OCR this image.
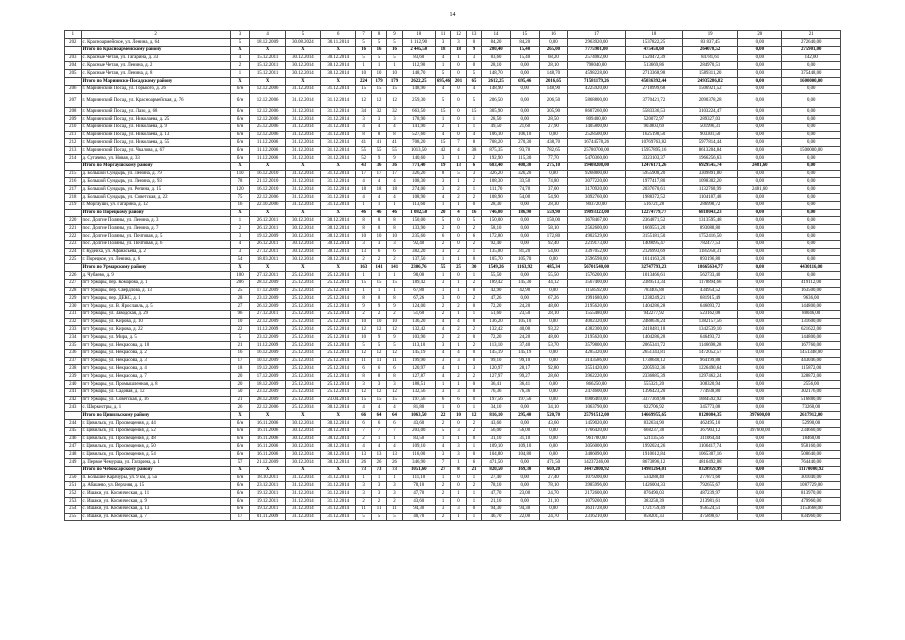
14
1	2	3	4	5	6	7	8	9	10	11	12	13	14	15	16	17	18	19	20	21
202	с. Красноармейское, ул. Ленина, д. 64	5	18.12.2009	30.08.2024	30.11.2014	5	5	5	1 112,90	3	3	0	84,20	84,20	0,00	2963920,00	1537822,25	83 837,45	0,00	272640,00
	Итого по Красноармейскому району	X	X	X	X	16	16	16	2 445,50	18	18	9	280,40	15,40	265,00	7775901,00	475458,60	264078,52	0,00	275901,00
203	с. Красные Четаи, ул. Гагарина, д. 33	4	15.12.2011	30.12.2014	30.12.2014	5	5	5	83,60	4	1	3	83,60	15,40	68,20	2574082,00	1520472,39	84781,61	0,00	142,00
204	с. Красные Четаи, ул. Ленина, д. 2	2	15.12.2011	30.12.2014	30.12.2014	1	1	1	112,90	1	0	0	28,10	0,00	28,10	798040,00	513669,86	284970,51	0,00	0,00
205	с. Красные Четаи, ул. Ленина, д. 8	1	15.12.2011	30.12.2014	30.12.2014	10	10	10	148,70	5	0	5	148,70	0,00	148,70	4598228,00	2713368,98	1589311,20	0,00	375448,00
	Итого по Мариинско-Посадскому району	X	X	X	X	224	179	179	2622,25	695,46	201	65	2612,25	695,46	2016,65	71581179,26	45036392,44	24935286,82	0,00	1600000,00
206	г. Мариинский Посад, ул. Горького, д. 26	б/н	12.12.2006	31.12.2014	31.12.2014	15	15	15	148,90	4	0	4	148,90	0,00	148,90	4225920,00	2718999,68	1506921,52	0,00	0,00
207	г. Мариинский Посад, ул. Красноармейская, д. 76	б/н	12.12.2006	31.12.2014	31.12.2014	12	12	12	259,30	5	0	5	206,50	0,00	206,50	5868800,00	3770421,72	2090378,28	0,00	0,00
208	г. Мариинский Посад, ул. Лазо, д. 68	б/н	12.12.2006	31.12.2014	31.12.2014	34	32	32	663,50	15	0	15	305,90	0,00	305,90	8687260,00	5583336,53	3103224,47	0,00	0,00
209	г. Мариинский Посад, ул. Николаева, д. 25	б/н	12.12.2006	31.12.2014	31.12.2014	3	3	3	178,90	1	0	1	28,50	0,00	28,50	809400,00	520072,97	289327,03	0,00	0,00
210	г. Мариинский Посад, ул. Николаева, д. 9	б/н	25.12.2006	31.12.2014	31.12.2014	4	4	4	141,90	2	1	1	49,50	21,60	27,90	1405800,00	903803,69	501996,31	0,00	0,00
211	г. Мариинский Посад, ул. Николаева, д. 13	б/н	12.12.2006	31.12.2014	31.12.2014	8	8	8	527,60	4	0	4	106,10	106,10	0,00	2528500,00	1625198,50	903301,50	0,00	0,00
212	г. Мариинский Посад, ул. Николаева, д. 55	б/н	11.12.2006	31.12.2014	31.12.2014	41	41	41	708,20	15	7	8	708,20	270,30	438,70	16744578,26	10769763,82	5977814,44	0,00	0,00
213	г. Мариинский Посад, ул. Чкалова, д. 67	б/н	11.12.2006	31.12.2014	31.12.2014	55	55	55	1013,50	42	4	38	875,35	93,70	782,65	25780700,00	15957895,16	8613204,84	0,00	1500000,00
214	д. Сугачево, ул. Новая, д. 33	б/н	11.12.2006	31.12.2014	31.12.2014	52	9	9	140,60	3	1	2	192,90	115,30	77,70	5470360,00	3323103,37	1966256,63	0,00	0,00
	Итого по Моргаушскому району	X	X	X	X	43	36	36	771,40	19	13	6	683,40	408,30	275,10	19408208,00	12476171,26	6929545,74	2481,60	0,00
215	д. Большой Сундырь, ул. Ленина, д. 79	110	16.12.2010	31.12.2014	31.12.2014	17	17	17	326,20	8	5	3	326,20	326,20	0,00	9268800,00	5955908,20	3309891,80	0,00	0,00
216	д. Большой Сундырь, ул. Ленина, д. 93	78	21.12.2010	31.12.2014	31.12.2014	4	4	4	108,30	3	1	2	108,30	33,50	74,80	3077220,00	1977417,80	1098302,20	0,00	0,00
217	д. Большой Сундырь, ул. Репина, д. 15	120	16.12.2010	31.12.2014	31.12.2014	18	18	18	274,00	3	2	1	111,70	74,70	37,00	3170920,00	2037670,61	1132768,99	2481,60	0,00
218	д. Большой Сундырь, ул. Советская, д. 22	75	22.12.2006	31.12.2014	31.12.2014	4	4	4	108,90	4	2	2	108,90	54,00	54,90	3092760,00	1988372,52	1104187,48	0,00	0,00
219	г. Моргауши, ул. Гагарина, д. 12	16	22.10.2006	31.12.2014	31.12.2014	1	1	1	113,60	1	1	0	28,30	0,00	28,30	803720,00	516721,28	286998,72	0,00	0,00
	Итого по Порецкому району	X	X	X	X	46	46	46	1 082,50	20	4	16	746,80	186,90	559,90	19093323,00	12274779,77	6818043,23	0,00	0,00
220	пос. Долгие Поляны, ул. Ленина, д. 3	1	26.12.2011	30.12.2014	30.12.2014	8	8	8	150,00	5	0	5	150,00	0,00	150,00	3678467,00	2364871,52	1313595,48	0,00	0,00
221	пос. Долгие Поляны, ул. Ленина, д. 7	2	26.12.2011	30.12.2014	30.12.2014	8	8	8	133,90	2	0	2	58,10	0,00	58,10	2562600,00	1669551,20	893088,80	0,00	0,00
222	пос. Долгие Поляны, ул. Почтовая, д. 5	3	19.12.2009	30.12.2014	30.12.2014	10	10	10	235,60	6	0	6	172,80	0,00	172,80	4902529,00	3155181,50	1752416,50	0,00	0,00
223	пос. Долгие Поляны, ул. Почтовая, д. 6	4	26.12.2011	30.12.2014	30.12.2014	3	3	3	92,40	2	0	2	92,40	0,00	92,40	2219173,00	1409095,47	782477,53	0,00	0,00
224	г. Кудеиха, ул. Афанасьева, д. 2	3	27.12.2011	30.12.2014	30.12.2014	13	6	6	382,20	3	2	1	135,80	81,20	54,60	3397052,00	2126993,69	1185958,31	0,00	0,00
225	г. Порецкое, ул. Ленина, д. 6	54	18.03.2011	30.12.2014	30.12.2014	2	2	2	137,50	1	1	0	105,70	105,70	0,00	2596598,00	1614163,20	893196,80	0,00	0,00
	Итого по Урмарскому району	X	X	X	X	163	141	141	2306,76	55	25	30	1549,26	1163,92	485,34	56701540,00	32747793,23	18665634,77	0,00	4430116,00
226	д. Чубаево, д. 9	100	27.12.2011	25.12.2014	25.12.2014	1	1	1	98,00	1	0	1	55,50	0,00	55,50	1576200,00	1013466,61	562733,40	0,00	0,00
227	пгт Урмары, пер. Комарова, д. 1	206	28.12.2009	25.12.2014	25.12.2014	15	15	15	189,42	3	1	2	189,42	145,30	44,12	3567400,00	2389513,34	1178894,66	0,00	419112,00
228	пгт Урмары, пер. Свердлова, д. 13	25	17.12.2009	25.12.2014	25.12.2014	1	1	1	67,80	1	1	0	42,90	42,90	0,00	1158592,00	783405,88	434954,52	0,00	163500,00
229	пгт Урмары, пер. ДЕКС, д. 1	28	23.12.2009	25.12.2014	25.12.2014	8	8	8	67,26	3	0	2	47,26	0,00	67,26	1991680,00	1238249,21	681915,49	0,00	9636,00
230	пгт Урмары, ул. В. Ярославль, д. 5	27	26.12.2009	25.12.2014	25.12.2014	9	9	9	124,00	2	2	0	72,20	24,20	48,00	2195620,00	1404286,28	646093,72	0,00	144800,00
231	пгт Урмары, ул. Заводская, д. 29	96	27.12.2011	25.12.2014	25.12.2014	2	2	2	51,60	2	1	1	51,60	23,50	28,10	1555480,00	942277,92	523162,08	0,00	88046,00
232	пгт Урмары, ул. Кирова, д. 10	10	22.12.2009	25.12.2014	25.12.2014	10	10	10	136,20	4	4	0	136,20	105,10	0,00	4002320,00	2488636,24	1382157,56	0,00	131600,00
233	пгт Урмары, ул. Кирова, д. 22	22	11.12.2009	25.12.2014	25.12.2014	12	12	12	132,42	4	2	2	132,42	40,00	93,22	4382300,00	2418481,18	1342539,10	0,00	621622,00
234	пгт Урмары, ул. Мира, д. 5	5	23.12.2009	25.12.2014	25.12.2014	10	9	9	103,90	2	2	0	72,20	24,20	48,00	2195620,00	1404286,28	646493,72	0,00	144800,00
235	пгт Урмары, ул. Некрасова, д. 10	21	11.12.2009	25.12.2014	25.12.2014	5	5	5	113,10	3	1	2	113,10	37,40	53,70	3579800,00	2065341,72	1146698,28	0,00	167760,00
236	пгт Урмары, ул. Некрасова, д. 2	16	16.12.2009	25.12.2014	25.12.2014	12	12	12	145,19	4	4	0	145,19	145,19	0,00	4285320,00	2651343,81	1472052,57	0,00	1451348,00
237	пгт Урмары, ул. Некрасова, д. 3	17	10.12.2009	25.12.2014	25.12.2014	11	11	11	199,90	3	3	0	99,10	99,10	0,00	3143586,00	1738640,12	964199,88	0,00	443046,00
238	пгт Урмары, ул. Некрасова, д. 4	18	19.12.2009	25.12.2014	25.12.2014	6	6	6	120,97	4	1	3	120,97	28,17	92,80	3551420,00	2205932,36	1226490,64	0,00	115872,00
239	пгт Урмары, ул. Некрасова, д. 7	20	17.12.2009	25.12.2014	25.12.2014	8	8	8	127,87	4	2	2	127,97	99,27	28,60	3962220,00	2336885,39	1297462,24	0,00	328872,00
240	пгт Урмары, ул. Промышленная, д. 8	20	18.12.2009	25.12.2014	25.12.2014	3	3	3	188,51	1	1	0	36,41	36,41	0,00	866250,00	555321,20	308320,94	0,00	2556,00
241	пгт Урмары, ул. Садовая, д. 12	50	23.12.2009	25.12.2014	25.12.2014	12	12	12	132,56	3	3	0	76,36	76,36	0,00	2474600,00	1396423,20	774938,80	0,00	302176,00
242	пгт Урмары, ул. Советская, д. 16	21	28.12.2009	25.12.2014	23.04.2014	15	15	15	197,56	6	6	0	197,56	197,56	0,00	6906469,00	3377369,98	1884592,92	0,00	516880,00
243	с. Шоркистры, д. 1	26	22.12.2006	25.12.2014	30.12.2014	4	4	4	81,80	1	0	1	34,10	0,00	34,10	1063790,00	622706,92	345773,08	0,00	73260,00
	Итого по Цивильскому району	X	X	X	X	66	64	64	1063,50	22	10	12	816,10	295,40	520,70	25791512,00	14669955,65	8120084,35	397600,00	2617912,00
244	г. Цивильск, ул. Просвещения, д. 44	б/н	16.11.2006	30.12.2014	30.12.2014	6	6	6	43,60	2	0	2	43,60	0,00	43,60	1459020,00	832634,90	462495,10	0,00	52990,00
245	г. Цивильск, ул. Просвещения, д. 52	б/н	16.11.2006	30.12.2014	30.12.2014	7	7	7	203,00	5	3	2	56,00	56,00	0,00	1766420,00	668237,38	367903,12	397600,00	234660,00
246	г. Цивильск, ул. Просвещения, д. 48	б/н	16.11.2006	30.12.2014	30.12.2014	2	1	1	83,50	1	1	0	31,10	31,10	0,00	961700,00	521135,56	311064,44	0,00	18460,00
247	г. Цивильск, ул. Просвещения, д. 50	б/н	16.11.2006	30.12.2014	30.12.2014	4	4	4	109,10	4	3	1	109,10	109,10	0,00	3056000,00	1992024,26	1106417,74	0,00	958160,00
248	г. Цивильск, ул. Просвещения, д. 54	б/н	16.11.2006	30.12.2014	30.12.2014	13	13	13	116,00	3	3	0	104,80	104,80	0,00	3486090,00	1910612,84	1065307,16	0,00	508640,00
249	д. Первое Чемурша, ул. Гагарина, д. 1	57	21.12.2009	30.12.2014	30.12.2014	26	26	26	346,90	7	1	6	471,50	0,00	471,50	14237246,00	8673896,12	4816492,88	0,00	764440,00
	Итого по Чебоксарскому району	X	X	X	X	73	73	73	1051,60	27	8	21	820,50	169,30	669,20	34472800,92	14981264,01	8320959,99	0,00	11170000,92
250	п. Большие Карачуры, ул. 9 км, д. 5а	б/н	18.10.2011	31.12.2014	31.12.2014	1	1	1	111,10	1	0	1	27,40	0,00	27,40	1079200,00	534288,40	277871,60	0,00	301040,00
251	д. Абашево, ул. Верхняя, д. 15	б/н	23.12.2011	31.12.2014	31.12.2014	3	3	3	78,10	2	0	2	78,10	0,00	78,10	3985996,00	1426004,33	792655,67	0,00	1087729,00
252	с. Ишаки, ул. Космическая, д. 11	б/н	19.12.2011	31.12.2014	31.12.2014	3	3	3	47,70	2	1	1	47,70	23,00	24,70	2172600,00	876490,03	487239,97	0,00	813970,00
253	с. Ишаки, ул. Космическая, д. 9	б/н	19.12.2011	31.12.2014	31.12.2014	2	2	2	43,60	1	0	1	21,10	0,00	21,10	1079200,00	383258,39	213981,61	0,00	479960,00
254	с. Ишаки, ул. Космическая, д. 13	б/н	19.12.2011	31.12.2014	31.12.2014	11	11	11	94,30	3	3	0	94,30	94,30	0,00	3631728,00	1721759,49	956524,51	0,00	1153668,00
255	с. Ишаки, ул. Космическая, д. 7	17	01.11.2009	31.12.2014	31.12.2014	5	5	5	40,70	2	1	1	46,70	22,00	24,70	2316210,00	858201,33	475898,67	0,00	834960,00
